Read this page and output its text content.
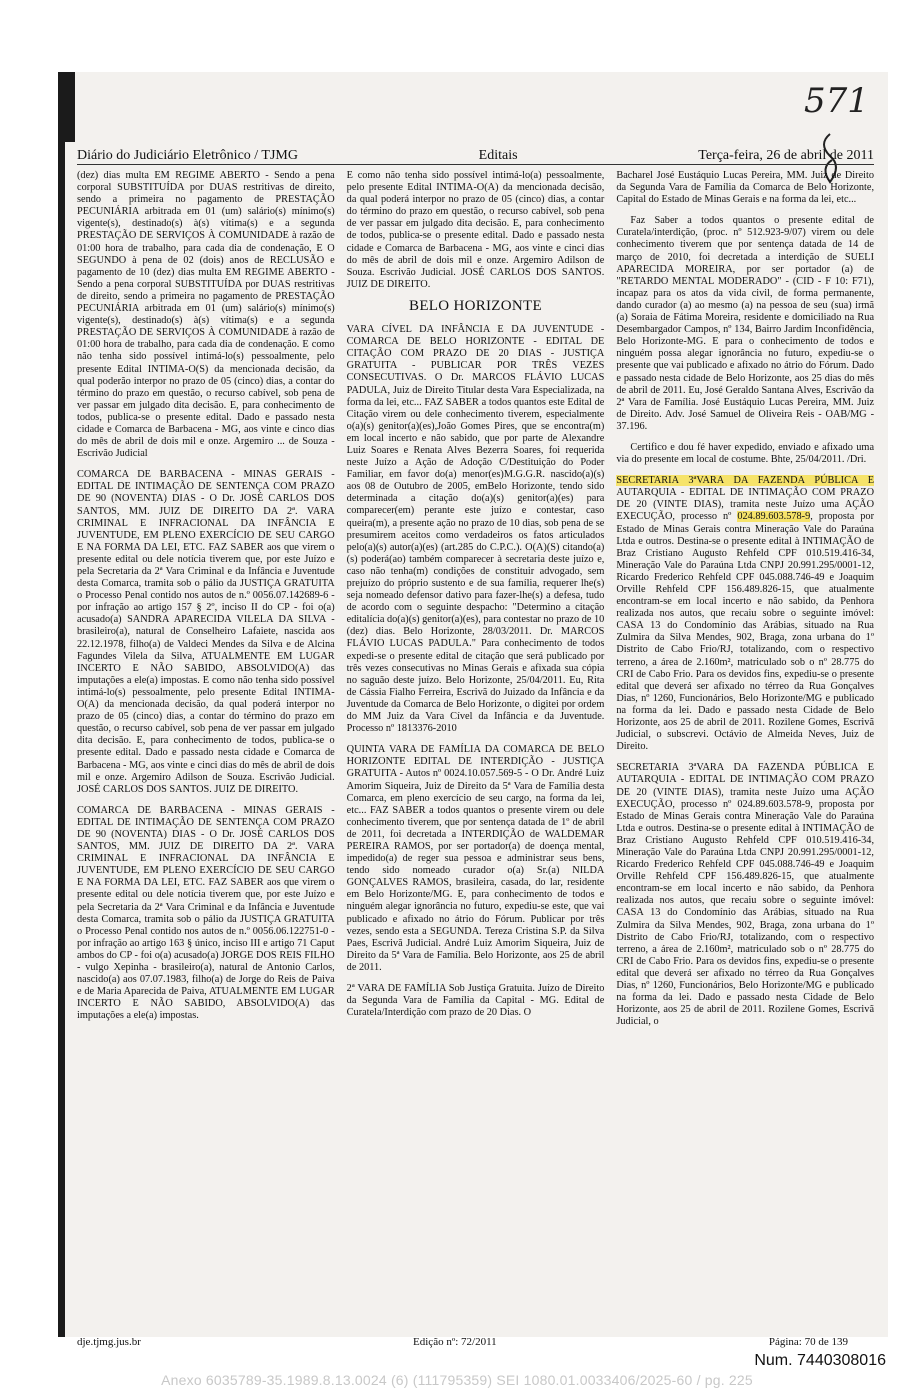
571
Diário do Judiciário Eletrônico / TJMG	Editais	Terça-feira, 26 de abril de 2011

(dez) dias multa EM REGIME ABERTO - Sendo a pena corporal SUBSTITUÍDA por DUAS restritivas de direito, sendo a primeira no pagamento de PRESTAÇÃO PECUNIÁRIA arbitrada em 01 (um) salário(s) mínimo(s) vigente(s), destinado(s) à(s) vítima(s) e a segunda PRESTAÇÃO DE SERVIÇOS À COMUNIDADE à razão de 01:00 hora de trabalho, para cada dia de condenação, E O SEGUNDO à pena de 02 (dois) anos de RECLUSÃO e pagamento de 10 (dez) dias multa EM REGIME ABERTO - Sendo a pena corporal SUBSTITUÍDA por DUAS restritivas de direito, sendo a primeira no pagamento de PRESTAÇÃO PECUNIÁRIA arbitrada em 01 (um) salário(s) mínimo(s) vigente(s), destinado(s) à(s) vítima(s) e a segunda PRESTAÇÃO DE SERVIÇOS À COMUNIDADE à razão de 01:00 hora de trabalho, para cada dia de condenação. E como não tenha sido possível intimá-lo(s) pessoalmente, pelo presente Edital INTIMA-O(S) da mencionada decisão, da qual poderão interpor no prazo de 05 (cinco) dias, a contar do término do prazo em questão, o recurso cabível, sob pena de ver passar em julgado dita decisão. E, para conhecimento de todos, publica-se o presente edital. Dado e passado nesta cidade e Comarca de Barbacena - MG, aos vinte e cinco dias do mês de abril de dois mil e onze. Argemiro ... de Souza - Escrivão Judicial

COMARCA DE BARBACENA - MINAS GERAIS - EDITAL DE INTIMAÇÃO DE SENTENÇA COM PRAZO DE 90 (NOVENTA) DIAS - O Dr. JOSÉ CARLOS DOS SANTOS, MM. JUIZ DE DIREITO DA 2ª. VARA CRIMINAL E INFRACIONAL DA INFÂNCIA E JUVENTUDE, EM PLENO EXERCÍCIO DE SEU CARGO E NA FORMA DA LEI, ETC. FAZ SABER aos que virem o presente edital ou dele notícia tiverem que, por este Juízo e pela Secretaria da 2ª Vara Criminal e da Infância e Juventude desta Comarca, tramita sob o pálio da JUSTIÇA GRATUITA o Processo Penal contido nos autos de n.º 0056.07.142689-6 - por infração ao artigo 157 § 2º, inciso II do CP - foi o(a) acusado(a) SANDRA APARECIDA VILELA DA SILVA - brasileiro(a), natural de Conselheiro Lafaiete, nascida aos 22.12.1978, filho(a) de Valdeci Mendes da Silva e de Alcina Fagundes Vilela da Silva, ATUALMENTE EM LUGAR INCERTO E NÃO SABIDO, ABSOLVIDO(A) das imputações a ele(a) impostas. E como não tenha sido possível intimá-lo(s) pessoalmente, pelo presente Edital INTIMA-O(A) da mencionada decisão, da qual poderá interpor no prazo de 05 (cinco) dias, a contar do término do prazo em questão, o recurso cabível, sob pena de ver passar em julgado dita decisão. E, para conhecimento de todos, publica-se o presente edital. Dado e passado nesta cidade e Comarca de Barbacena - MG, aos vinte e cinci dias do mês de abril de dois mil e onze. Argemiro Adilson de Souza. Escrivão Judicial. JOSÉ CARLOS DOS SANTOS. JUIZ DE DIREITO.

COMARCA DE BARBACENA - MINAS GERAIS - EDITAL DE INTIMAÇÃO DE SENTENÇA COM PRAZO DE 90 (NOVENTA) DIAS - O Dr. JOSÉ CARLOS DOS SANTOS, MM. JUIZ DE DIREITO DA 2ª. VARA CRIMINAL E INFRACIONAL DA INFÂNCIA E JUVENTUDE, EM PLENO EXERCÍCIO DE SEU CARGO E NA FORMA DA LEI, ETC. FAZ SABER aos que virem o presente edital ou dele notícia tiverem que, por este Juízo e pela Secretaria da 2ª Vara Criminal e da Infância e Juventude desta Comarca, tramita sob o pálio da JUSTIÇA GRATUITA o Processo Penal contido nos autos de n.º 0056.06.122751-0 - por infração ao artigo 163 § único, inciso III e artigo 71 Caput ambos do CP - foi o(a) acusado(a) JORGE DOS REIS FILHO - vulgo Xepinha - brasileiro(a), natural de Antonio Carlos, nascido(a) aos 07.07.1983, filho(a) de Jorge do Reis de Paiva e de Maria Aparecida de Paiva, ATUALMENTE EM LUGAR INCERTO E NÃO SABIDO, ABSOLVIDO(A) das imputações a ele(a) impostas.

E como não tenha sido possível intimá-lo(a) pessoalmente, pelo presente Edital INTIMA-O(A) da mencionada decisão, da qual poderá interpor no prazo de 05 (cinco) dias, a contar do término do prazo em questão, o recurso cabível, sob pena de ver passar em julgado dita decisão. E, para conhecimento de todos, publica-se o presente edital. Dado e passado nesta cidade e Comarca de Barbacena - MG, aos vinte e cinci dias do mês de abril de dois mil e onze. Argemiro Adilson de Souza. Escrivão Judicial. JOSÉ CARLOS DOS SANTOS. JUIZ DE DIREITO.

BELO HORIZONTE

VARA CÍVEL DA INFÂNCIA E DA JUVENTUDE - COMARCA DE BELO HORIZONTE - EDITAL DE CITAÇÃO COM PRAZO DE 20 DIAS - JUSTIÇA GRATUITA - PUBLICAR POR TRÊS VEZES CONSECUTIVAS. O Dr. MARCOS FLÁVIO LUCAS PADULA, Juiz de Direito Titular desta Vara Especializada, na forma da lei, etc... FAZ SABER a todos quantos este Edital de Citação virem ou dele conhecimento tiverem, especialmente o(a)(s) genitor(a)(es),João Gomes Pires, que se encontra(m) em local incerto e não sabido, que por parte de Alexandre Luiz Soares e Renata Alves Bezerra Soares, foi requerida neste Juízo a Ação de Adoção C/Destituição do Poder Familiar, em favor do(a) menor(es)M.G.G.R. nascido(a)(s) aos 08 de Outubro de 2005, emBelo Horizonte, tendo sido determinada a citação do(a)(s) genitor(a)(es) para comparecer(em) perante este juízo e contestar, caso queira(m), a presente ação no prazo de 10 dias, sob pena de se presumirem aceitos como verdadeiros os fatos articulados pelo(a)(s) autor(a)(es) (art.285 do C.P.C.). O(A)(S) citando(a)(s) poderá(ao) também comparecer à secretaria deste juízo e, caso não tenha(m) condições de constituir advogado, sem prejuízo do próprio sustento e de sua família, requerer lhe(s) seja nomeado defensor dativo para fazer-lhe(s) a defesa, tudo de acordo com o seguinte despacho: "Determino a citação editalícia do(a)(s) genitor(a)(es), para contestar no prazo de 10 (dez) dias. Belo Horizonte, 28/03/2011. Dr. MARCOS FLÁVIO LUCAS PADULA." Para conhecimento de todos expedi-se o presente edital de citação que será publicado por três vezes consecutivas no Minas Gerais e afixada sua cópia no saguão deste juízo. Belo Horizonte, 25/04/2011. Eu, Rita de Cássia Fialho Ferreira, Escrivã do Juizado da Infância e da Juventude da Comarca de Belo Horizonte, o digitei por ordem do MM Juiz da Vara Cível da Infância e da Juventude. Processo nº 1813376-2010

QUINTA VARA DE FAMÍLIA DA COMARCA DE BELO HORIZONTE EDITAL DE INTERDIÇÃO - JUSTIÇA GRATUITA - Autos nº 0024.10.057.569-5 - O Dr. André Luiz Amorim Siqueira, Juiz de Direito da 5ª Vara de Família desta Comarca, em pleno exercício de seu cargo, na forma da lei, etc... FAZ SABER a todos quantos o presente virem ou dele conhecimento tiverem, que por sentença datada de 1º de abril de 2011, foi decretada a INTERDIÇÃO de WALDEMAR PEREIRA RAMOS, por ser portador(a) de doença mental, impedido(a) de reger sua pessoa e administrar seus bens, tendo sido nomeado curador o(a) Sr.(a) NILDA GONÇALVES RAMOS, brasileira, casada, do lar, residente em Belo Horizonte/MG. E, para conhecimento de todos e ninguém alegar ignorância no futuro, expediu-se este, que vai publicado e afixado no átrio do Fórum. Publicar por três vezes, sendo esta a SEGUNDA. Tereza Cristina S.P. da Silva Paes, Escrivã Judicial. André Luiz Amorim Siqueira, Juiz de Direito da 5ª Vara de Família. Belo Horizonte, aos 25 de abril de 2011.

2ª VARA DE FAMÍLIA Sob Justiça Gratuita. Juízo de Direito da Segunda Vara de Família da Capital - MG. Edital de Curatela/Interdição com prazo de 20 Dias. O

Bacharel José Eustáquio Lucas Pereira, MM. Juiz de Direito da Segunda Vara de Família da Comarca de Belo Horizonte, Capital do Estado de Minas Gerais e na forma da lei, etc...

Faz Saber a todos quantos o presente edital de Curatela/interdição, (proc. nº 512.923-9/07) virem ou dele conhecimento tiverem que por sentença datada de 14 de março de 2010, foi decretada a interdição de SUELI APARECIDA MOREIRA, por ser portador (a) de "RETARDO MENTAL MODERADO" - (CID - F 10: F71), incapaz para os atos da vida civil, de forma permanente, dando curador (a) ao mesmo (a) na pessoa de seu (sua) irmã (a) Soraia de Fátima Moreira, residente e domiciliado na Rua Desembargador Campos, nº 134, Bairro Jardim Inconfidência, Belo Horizonte-MG. E para o conhecimento de todos e ninguém possa alegar ignorância no futuro, expediu-se o presente que vai publicado e afixado no átrio do Fórum. Dado e passado nesta cidade de Belo Horizonte, aos 25 dias do mês de abril de 2011. Eu, José Geraldo Santana Alves, Escrivão da 2ª Vara de Família. José Eustáquio Lucas Pereira, MM. Juiz de Direito. Adv. José Samuel de Oliveira Reis - OAB/MG - 37.196.

Certifico e dou fé haver expedido, enviado e afixado uma via do presente em local de costume. Bhte, 25/04/2011. /Dri.

SECRETARIA 3ªVARA DA FAZENDA PÚBLICA E AUTARQUIA - EDITAL DE INTIMAÇÃO COM PRAZO DE 20 (VINTE DIAS), tramita neste Juízo uma AÇÃO EXECUÇÃO, processo nº 024.89.603.578-9, proposta por Estado de Minas Gerais contra Mineração Vale do Paraúna Ltda e outros. Destina-se o presente edital à INTIMAÇÃO de Braz Cristiano Augusto Rehfeld CPF 010.519.416-34, Mineração Vale do Paraúna Ltda CNPJ 20.991.295/0001-12, Ricardo Frederico Rehfeld CPF 045.088.746-49 e Joaquim Orville Rehfeld CPF 156.489.826-15, que atualmente encontram-se em local incerto e não sabido, da Penhora realizada nos autos, que recaiu sobre o seguinte imóvel: CASA 13 do Condomínio das Arábias, situado na Rua Zulmira da Silva Mendes, 902, Braga, zona urbana do 1º Distrito de Cabo Frio/RJ, totalizando, com o respectivo terreno, a área de 2.160m², matriculado sob o nº 28.775 do CRI de Cabo Frio. Para os devidos fins, expediu-se o presente edital que deverá ser afixado no térreo da Rua Gonçalves Dias, nº 1260, Funcionários, Belo Horizonte/MG e publicado na forma da lei. Dado e passado nesta Cidade de Belo Horizonte, aos 25 de abril de 2011. Rozilene Gomes, Escrivã Judicial, o subscrevi. Octávio de Almeida Neves, Juiz de Direito.

SECRETARIA 3ªVARA DA FAZENDA PÚBLICA E AUTARQUIA - EDITAL DE INTIMAÇÃO COM PRAZO DE 20 (VINTE DIAS), tramita neste Juízo uma AÇÃO EXECUÇÃO, processo nº 024.89.603.578-9, proposta por Estado de Minas Gerais contra Mineração Vale do Paraúna Ltda e outros. Destina-se o presente edital à INTIMAÇÃO de Braz Cristiano Augusto Rehfeld CPF 010.519.416-34, Mineração Vale do Paraúna Ltda CNPJ 20.991.295/0001-12, Ricardo Frederico Rehfeld CPF 045.088.746-49 e Joaquim Orville Rehfeld CPF 156.489.826-15, que atualmente encontram-se em local incerto e não sabido, da Penhora realizada nos autos, que recaiu sobre o seguinte imóvel: CASA 13 do Condomínio das Arábias, situado na Rua Zulmira da Silva Mendes, 902, Braga, zona urbana do 1º Distrito de Cabo Frio/RJ, totalizando, com o respectivo terreno, a área de 2.160m², matriculado sob o nº 28.775 do CRI de Cabo Frio. Para os devidos fins, expediu-se o presente edital que deverá ser afixado no térreo da Rua Gonçalves Dias, nº 1260, Funcionários, Belo Horizonte/MG e publicado na forma da lei. Dado e passado nesta Cidade de Belo Horizonte, aos 25 de abril de 2011. Rozilene Gomes, Escrivã Judicial, o

dje.tjmg.jus.br	Edição nº: 72/2011	Página: 70 de 139
Num. 7440308016
Anexo 6035789-35.1989.8.13.0024 (6) (111795359) SEI 1080.01.0033406/2025-60 / pg. 225
